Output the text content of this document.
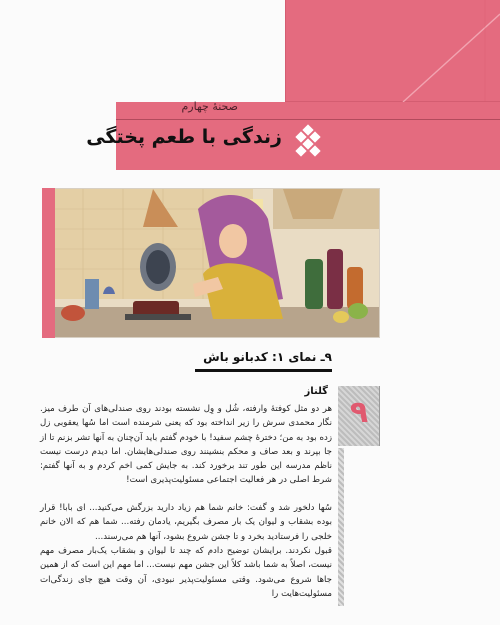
صحنهٔ چهارم
زندگی با طعم پختگی
۹ـ نمای ۱: کدبانو باش
۹
گلناز

هر دو مثل کوفتهٔ وارفته، شُل و وِل نشسته بودند روی صندلی‌های آن طرف میز. نگار محمدی سرش را زیر انداخته بود که یعنی شرمنده است اما سُها یعقوبی زل زده بود به من؛ دخترهٔ چشم سفید! با خودم گفتم باید آن‌چنان به آنها تشر بزنم تا از جا بپرند و بعد صاف و محکم بنشینند روی صندلی‌هایشان. اما دیدم درست نیست ناظم مدرسه این طور تند برخورد کند. به جایش کمی اخم کردم و به آنها گفتم: شرط اصلی در هر فعالیت اجتماعی مسئولیت‌پذیری است!

سُها دلخور شد و گفت: خانم شما هم زیاد دارید بزرگش می‌کنید... ای بابا! قرار بوده بشقاب و لیوان یک بار مصرف بگیریم، یادمان رفته... شما هم که الان خانم خلجی را فرستادید بخرد و تا جشن شروع بشود، آنها هم می‌رسند...

قبول نکردند. برایشان توضیح دادم که چند تا لیوان و بشقاب یک‌بار مصرف مهم نیست، اصلاً به شما باشد کلاً این جشن مهم نیست... اما مهم این است که از همین جاها شروع می‌شود. وقتی مسئولیت‌پذیر نبودی، آن وقت هیچ جای زندگی‌ات مسئولیت‌هایت را
